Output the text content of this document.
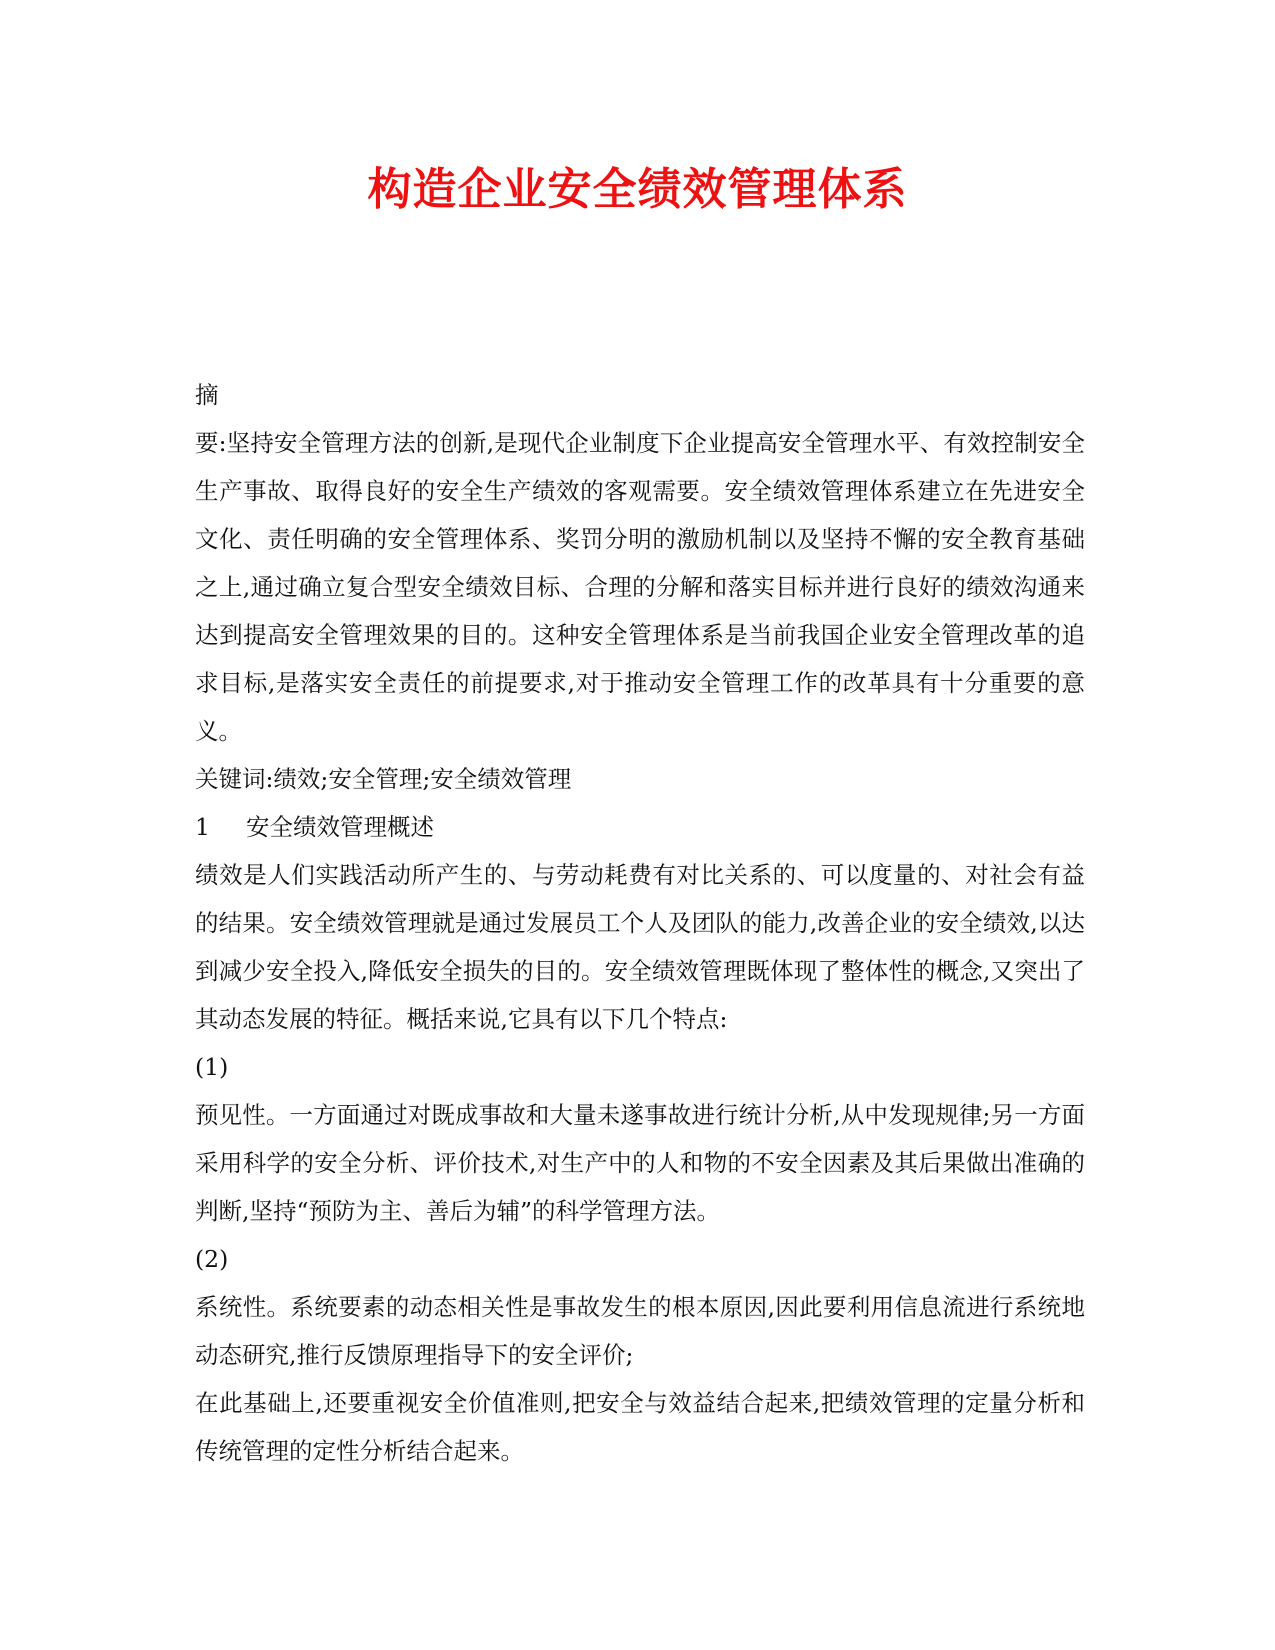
构造企业安全绩效管理体系

摘

要:坚持安全管理方法的创新,是现代企业制度下企业提高安全管理水平、有效控制安全生产事故、取得良好的安全生产绩效的客观需要。安全绩效管理体系建立在先进安全文化、责任明确的安全管理体系、奖罚分明的激励机制以及坚持不懈的安全教育基础之上,通过确立复合型安全绩效目标、合理的分解和落实目标并进行良好的绩效沟通来达到提高安全管理效果的目的。这种安全管理体系是当前我国企业安全管理改革的追求目标,是落实安全责任的前提要求,对于推动安全管理工作的改革具有十分重要的意义。

关键词:绩效;安全管理;安全绩效管理

1	安全绩效管理概述

绩效是人们实践活动所产生的、与劳动耗费有对比关系的、可以度量的、对社会有益的结果。安全绩效管理就是通过发展员工个人及团队的能力,改善企业的安全绩效,以达到减少安全投入,降低安全损失的目的。安全绩效管理既体现了整体性的概念,又突出了其动态发展的特征。概括来说,它具有以下几个特点:

(1)

预见性。一方面通过对既成事故和大量未遂事故进行统计分析,从中发现规律;另一方面采用科学的安全分析、评价技术,对生产中的人和物的不安全因素及其后果做出准确的判断,坚持“预防为主、善后为辅”的科学管理方法。

(2)

系统性。系统要素的动态相关性是事故发生的根本原因,因此要利用信息流进行系统地动态研究,推行反馈原理指导下的安全评价;

在此基础上,还要重视安全价值准则,把安全与效益结合起来,把绩效管理的定量分析和传统管理的定性分析结合起来。
